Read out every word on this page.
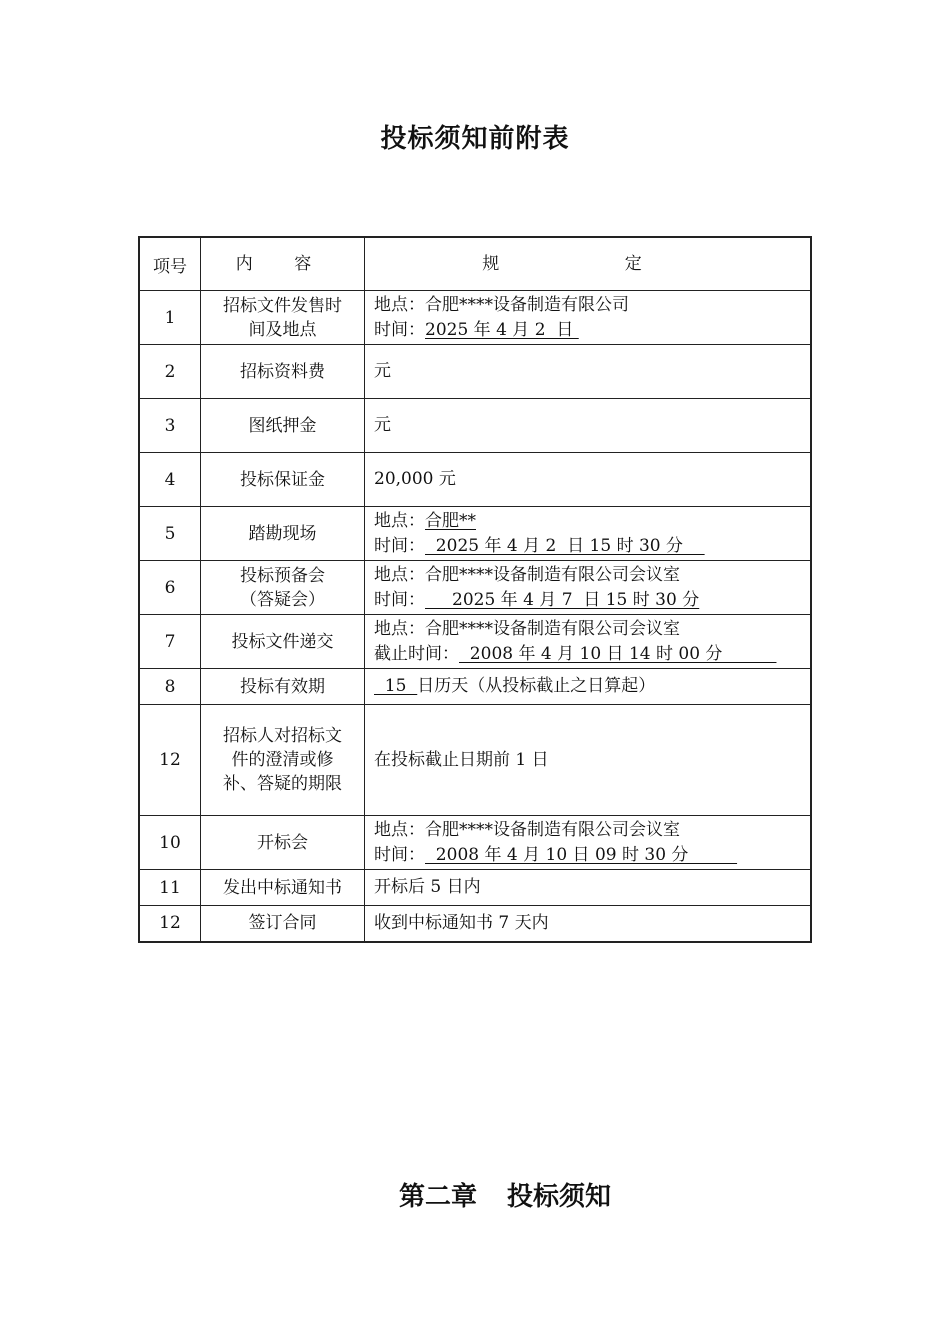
投标须知前附表
项号	内 容	规 定
1	招标文件发售时
间及地点	地点：合肥****设备制造有限公司
时间：2025 年 4 月 2  日

2	招标资料费	元

3	图纸押金	元

4	投标保证金	20,000 元

5	踏勘现场	地点：合肥**
时间：  2025 年 4 月 2  日 15 时 30 分

6	投标预备会
（答疑会）	地点：合肥****设备制造有限公司会议室
时间：     2025 年 4 月 7  日 15 时 30 分

7	投标文件递交	地点：合肥****设备制造有限公司会议室
截止时间：  2008 年 4 月 10 日 14 时 00 分

8	投标有效期	15  日历天（从投标截止之日算起）

12	招标人对招标文
件的澄清或修
补、答疑的期限	在投标截止日期前 1 日

10	开标会	地点：合肥****设备制造有限公司会议室
时间：  2008 年 4 月 10 日 09 时 30 分

11	发出中标通知书	开标后 5 日内

12	签订合同	收到中标通知书 7 天内
第二章 投标须知
